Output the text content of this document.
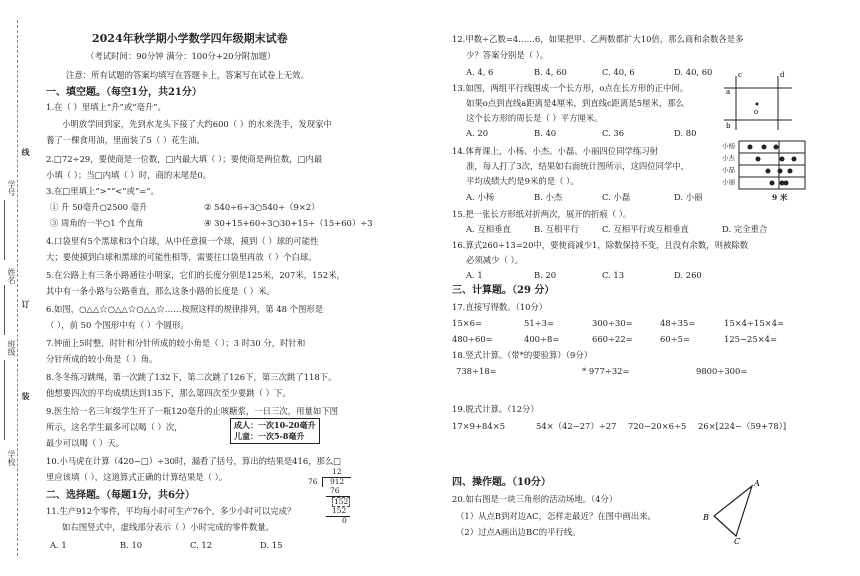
学号
姓名
班级
学校
线
订
装
2024年秋学期小学数学四年级期末试卷
（考试时间：90分钟 满分：100分+20分附加题）
注意：所有试题的答案均填写在答题卡上，答案写在试卷上无效。
一、填空题。（每空1分，共21分）
1.在（ ）里填上“升”或“毫升”。
小明放学回到家，先到水龙头下接了大约600（ ）的水来洗手，发现家中
養了一棵食用油，里面装了5（ ）花生油。
2.□72÷29，要使商是一位数，□内最大填（ ）；要使商是两位数，□内最
小填（ ）；当□内填（ ）时，商的末尾是0。
3.在□里填上“>”“<”或“=”。
① 升 50毫升○2500 毫升	② 540÷6÷3○540÷（9×2）
③ 周角的一半○1 个直角	④ 30+15+60÷3○30+15÷（15+60）÷3
4.口袋里有5个黑球和3个白球，从中任意摸一个球，摸到（ ）球的可能性
大；要使摸到白球和黑球的可能性相等，需要往口袋里再放（ ）个白球。
5.在公路上有三条小路通往小明家，它们的长度分别是125米，207米，152米，
其中有一条小路与公路垂直，那么这条小路的长度是（ ）米。
6.如图，○△△☆○△△☆○△△☆……按照这样的规律排列，第 48 个图形是
（ ），前 50 个图形中有（ ）个圆形。
7.钟面上5时整，时针和分针所成的较小角是（ ）；3 时30 分，时针和
分针所成的较小角是（ ）角。
8.冬冬练习跳绳，第一次跳了132下，第二次跳了126下，第三次跳了118下。
他想要四次的平均成绩达到135下，那么第四次至少要跳（ ）下。
9.医生给一名三年级学生开了一瓶120毫升的止咳糖浆，一日三次，用量如下图
所示，这名学生最多可以喝（ ）次，
最少可以喝（ ）天。
成人：一次10-20毫升
儿童：一次5-8毫升
10.小马虎在计算（420−□）÷30时，漏看了括号，算出的结果是416，那么□
里应该填（ ），这道算式正确的计算结果是（ ）。
二、选择题。（每题1分，共6分）
11.生产912个零件，平均每小时可生产76个，多少小时可以完成？
如右图竖式中，虚线部分表示（ ）小时完成的零件数量。
A. 1	B. 10	C. 12	D. 15
12
76 912
76
152
152
0
12.甲数÷乙数=4……6，如果把甲、乙两数都扩大10倍，那么商和余数各是多
少？答案分别是（ ）。
A. 4, 6	B. 4, 60	C. 40, 6	D. 40, 60
13.如图，两组平行线围成一个长方形，o点在长方形的正中间。
如果o点到直线a距离是4厘米，到直线c距离是5厘米，那么
这个长方形的周长是（ ）平方厘米。
A. 20	B. 40	C. 36	D. 80
a
b
c	d
o
14.体育课上，小杨、小杰、小磊、小丽四位同学练习射
准，每人打了3次，结果如右面统计图所示，这四位同学中，
平均成绩大约是9米的是（ ）。
A. 小杨	B. 小杰	C. 小磊	D. 小丽
小杨
小杰
小磊
小丽
9 米
15.把一张长方形纸对折两次，展开的折痕（ ）。
A. 互相垂直	B. 互相平行	C. 互相平行或互相垂直	D. 完全重合
16.算式260÷13=20中，要使商减少1，除数保持不变，且没有余数，则被除数
必须减少（ ）。
A. 1	B. 20	C. 13	D. 260
三、计算题。（29 分）
17.直接写得数。（10分）
15×6=	51÷3=	300÷30=	48÷35=	15×4÷15×4=
480÷60=	400÷8=	660÷22=	60÷5=	125−25×4=
18.竖式计算。（带*的要验算）（9分）
738÷18=	* 977÷32=	9800÷300=
19.脱式计算。（12分）
17×9+84×5	54×（42−27）÷27 720−20×6÷5 26×[224−（59+78）]
四、操作题。（10分）
20.如右图是一块三角形的活动场地。（4分）
（1）从点B到对边AC，怎样走最近？在图中画出来。
（2）过点A画出边BC的平行线。
A
B
C
